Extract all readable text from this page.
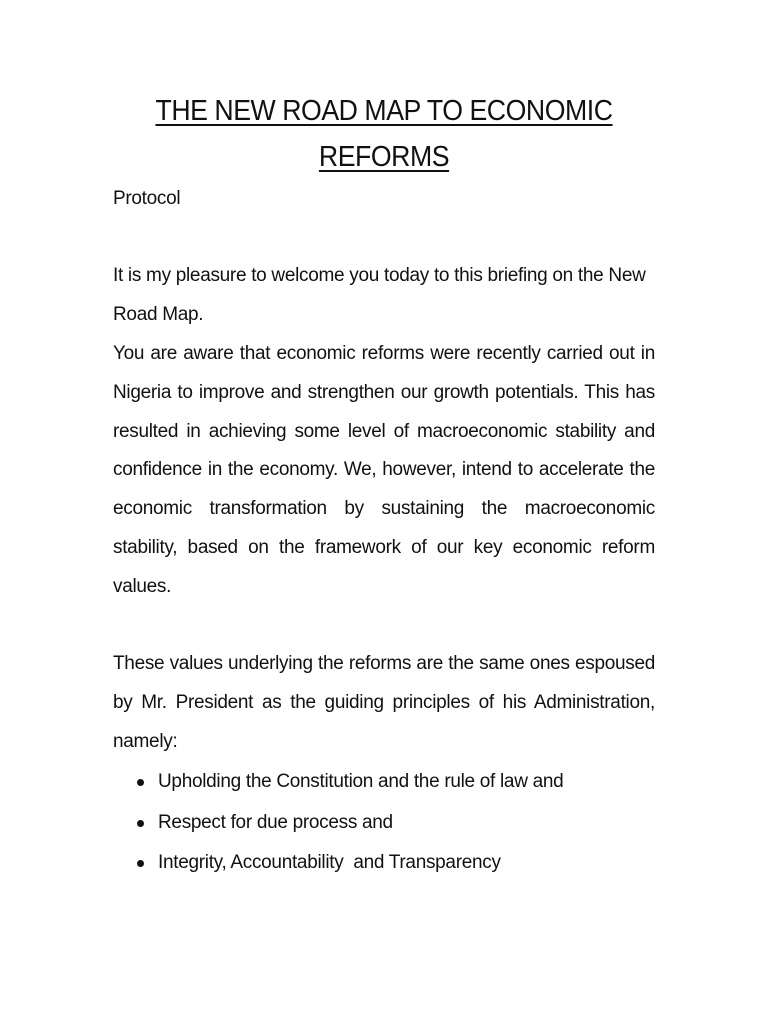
THE NEW ROAD MAP TO ECONOMIC
REFORMS
Protocol
It is my pleasure to welcome you today to this briefing on the New Road Map.
You are aware that economic reforms were recently carried out in Nigeria to improve and strengthen our growth potentials. This has resulted in achieving some level of macroeconomic stability and confidence in the economy. We, however, intend to accelerate the economic transformation by sustaining the macroeconomic stability, based on the framework of our key economic reform values.
These values underlying the reforms are the same ones espoused by Mr. President as the guiding principles of his Administration, namely:
Upholding the Constitution and the rule of law and
Respect for due process and
Integrity, Accountability  and Transparency
